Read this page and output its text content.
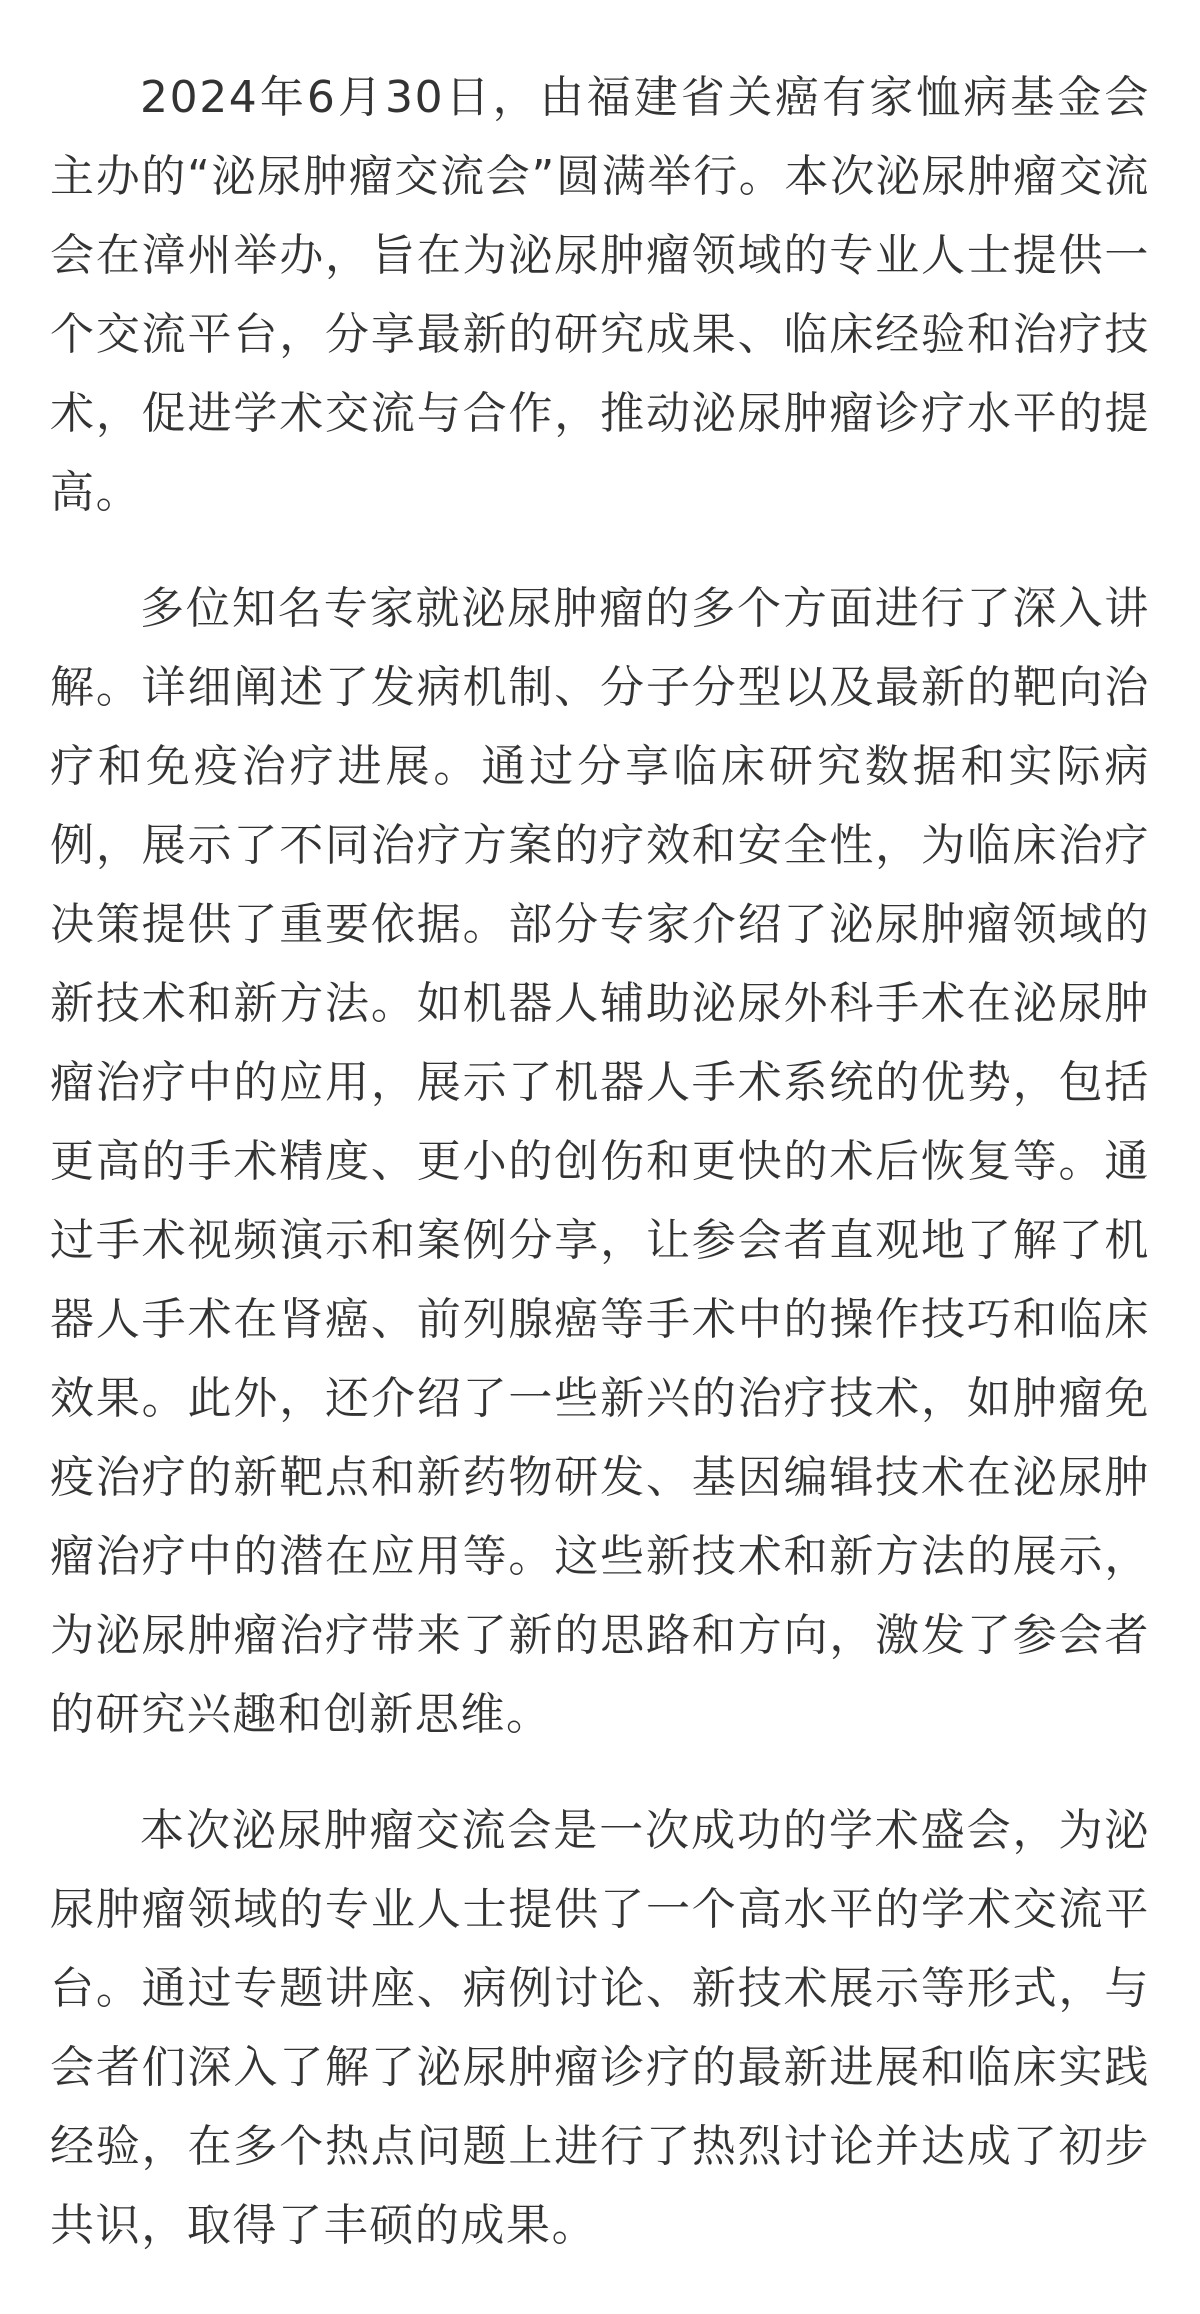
2024年6月30日，由福建省关癌有家恤病基金会主办的“泌尿肿瘤交流会”圆满举行。本次泌尿肿瘤交流会在漳州举办，旨在为泌尿肿瘤领域的专业人士提供一个交流平台，分享最新的研究成果、临床经验和治疗技术，促进学术交流与合作，推动泌尿肿瘤诊疗水平的提高。

多位知名专家就泌尿肿瘤的多个方面进行了深入讲解。详细阐述了发病机制、分子分型以及最新的靶向治疗和免疫治疗进展。通过分享临床研究数据和实际病例，展示了不同治疗方案的疗效和安全性，为临床治疗决策提供了重要依据。部分专家介绍了泌尿肿瘤领域的新技术和新方法。如机器人辅助泌尿外科手术在泌尿肿瘤治疗中的应用，展示了机器人手术系统的优势，包括更高的手术精度、更小的创伤和更快的术后恢复等。通过手术视频演示和案例分享，让参会者直观地了解了机器人手术在肾癌、前列腺癌等手术中的操作技巧和临床效果。此外，还介绍了一些新兴的治疗技术，如肿瘤免疫治疗的新靶点和新药物研发、基因编辑技术在泌尿肿瘤治疗中的潜在应用等。这些新技术和新方法的展示，为泌尿肿瘤治疗带来了新的思路和方向，激发了参会者的研究兴趣和创新思维。

本次泌尿肿瘤交流会是一次成功的学术盛会，为泌尿肿瘤领域的专业人士提供了一个高水平的学术交流平台。通过专题讲座、病例讨论、新技术展示等形式，与会者们深入了解了泌尿肿瘤诊疗的最新进展和临床实践经验，在多个热点问题上进行了热烈讨论并达成了初步共识，取得了丰硕的成果。
